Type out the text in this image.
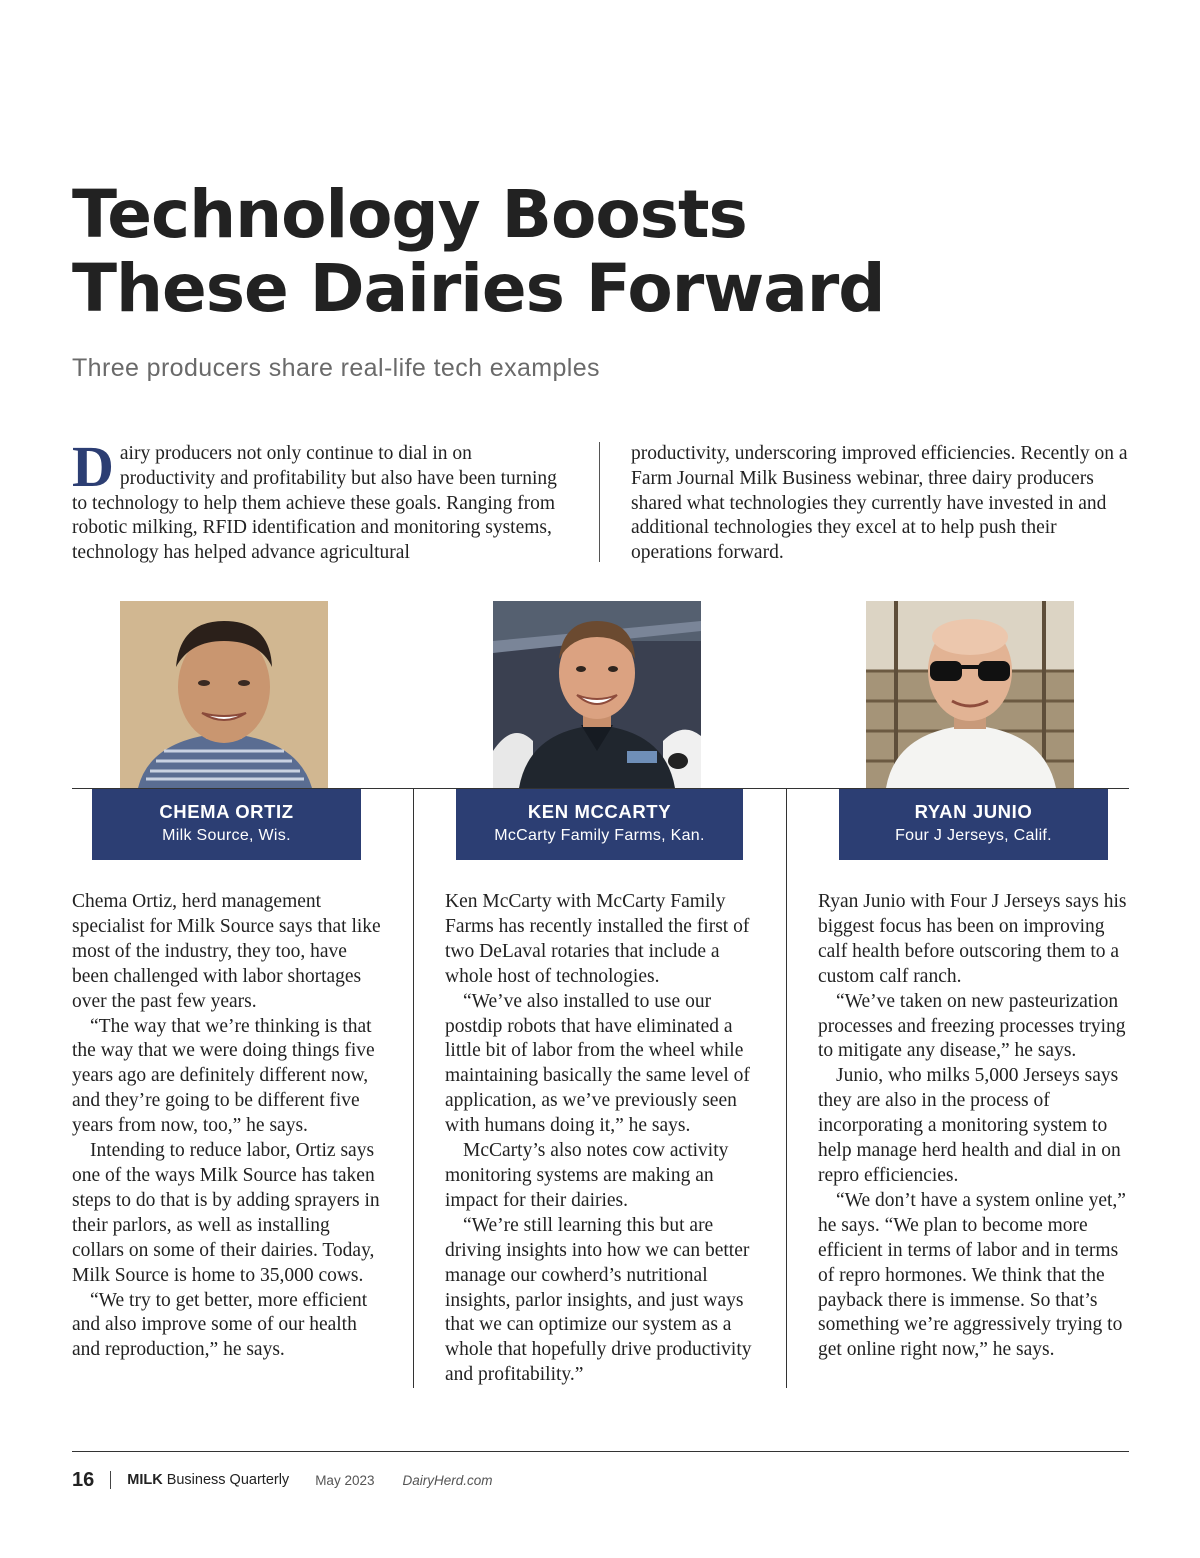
Technology Boosts
These Dairies Forward
Three producers share real-life tech examples
Dairy producers not only continue to dial in on productivity and profitability but also have been turning to technology to help them achieve these goals. Ranging from robotic milking, RFID identification and monitoring systems, technology has helped advance agricultural
productivity, underscoring improved efficiencies. Recently on a Farm Journal Milk Business webinar, three dairy producers shared what technologies they currently have invested in and additional technologies they excel at to help push their operations forward.
CHEMA ORTIZ
Milk Source, Wis.
KEN MCCARTY
McCarty Family Farms, Kan.
RYAN JUNIO
Four J Jerseys, Calif.

Chema Ortiz, herd management specialist for Milk Source says that like most of the industry, they too, have been challenged with labor shortages over the past few years.

“The way that we’re thinking is that the way that we were doing things five years ago are definitely different now, and they’re going to be different five years from now, too,” he says.

Intending to reduce labor, Ortiz says one of the ways Milk Source has taken steps to do that is by adding sprayers in their parlors, as well as installing collars on some of their dairies. Today, Milk Source is home to 35,000 cows.

“We try to get better, more efficient and also improve some of our health and reproduction,” he says.

Ken McCarty with McCarty Family Farms has recently installed the first of two DeLaval rotaries that include a whole host of technologies.

“We’ve also installed to use our postdip robots that have eliminated a little bit of labor from the wheel while maintaining basically the same level of application, as we’ve previously seen with humans doing it,” he says.

McCarty’s also notes cow activity monitoring systems are making an impact for their dairies.

“We’re still learning this but are driving insights into how we can better manage our cowherd’s nutritional insights, parlor insights, and just ways that we can optimize our system as a whole that hopefully drive productivity and profitability.”

Ryan Junio with Four J Jerseys says his biggest focus has been on improving calf health before outscoring them to a custom calf ranch.

“We’ve taken on new pasteurization processes and freezing processes trying to mitigate any disease,” he says.

Junio, who milks 5,000 Jerseys says they are also in the process of incorporating a monitoring system to help manage herd health and dial in on repro efficiencies.

“We don’t have a system online yet,” he says. “We plan to become more efficient in terms of labor and in terms of repro hormones. We think that the payback there is immense. So that’s something we’re aggressively trying to get online right now,” he says.

16 MILK Business Quarterly May 2023 DairyHerd.com
